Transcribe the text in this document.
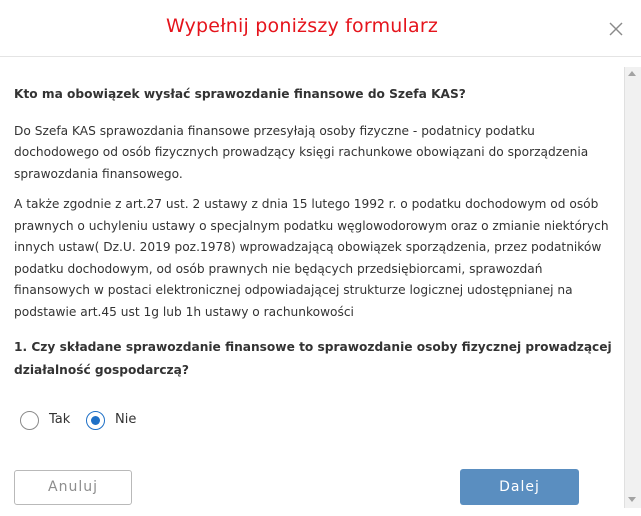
Wypełnij poniższy formularz

Kto ma obowiązek wysłać sprawozdanie finansowe do Szefa KAS?

Do Szefa KAS sprawozdania finansowe przesyłają osoby fizyczne - podatnicy podatku dochodowego od osób fizycznych prowadzący księgi rachunkowe obowiązani do sporządzenia sprawozdania finansowego.

A także zgodnie z art.27 ust. 2 ustawy z dnia 15 lutego 1992 r. o podatku dochodowym od osób prawnych o uchyleniu ustawy o specjalnym podatku węglowodorowym oraz o zmianie niektórych innych ustaw( Dz.U. 2019 poz.1978) wprowadzającą obowiązek sporządzenia, przez podatników podatku dochodowym, od osób prawnych nie będących przedsiębiorcami, sprawozdań finansowych w postaci elektronicznej odpowiadającej strukturze logicznej udostępnianej na podstawie art.45 ust 1g lub 1h ustawy o rachunkowości

1. Czy składane sprawozdanie finansowe to sprawozdanie osoby fizycznej prowadzącej działalność gospodarczą?

Tak	Nie
Anuluj	Dalej
